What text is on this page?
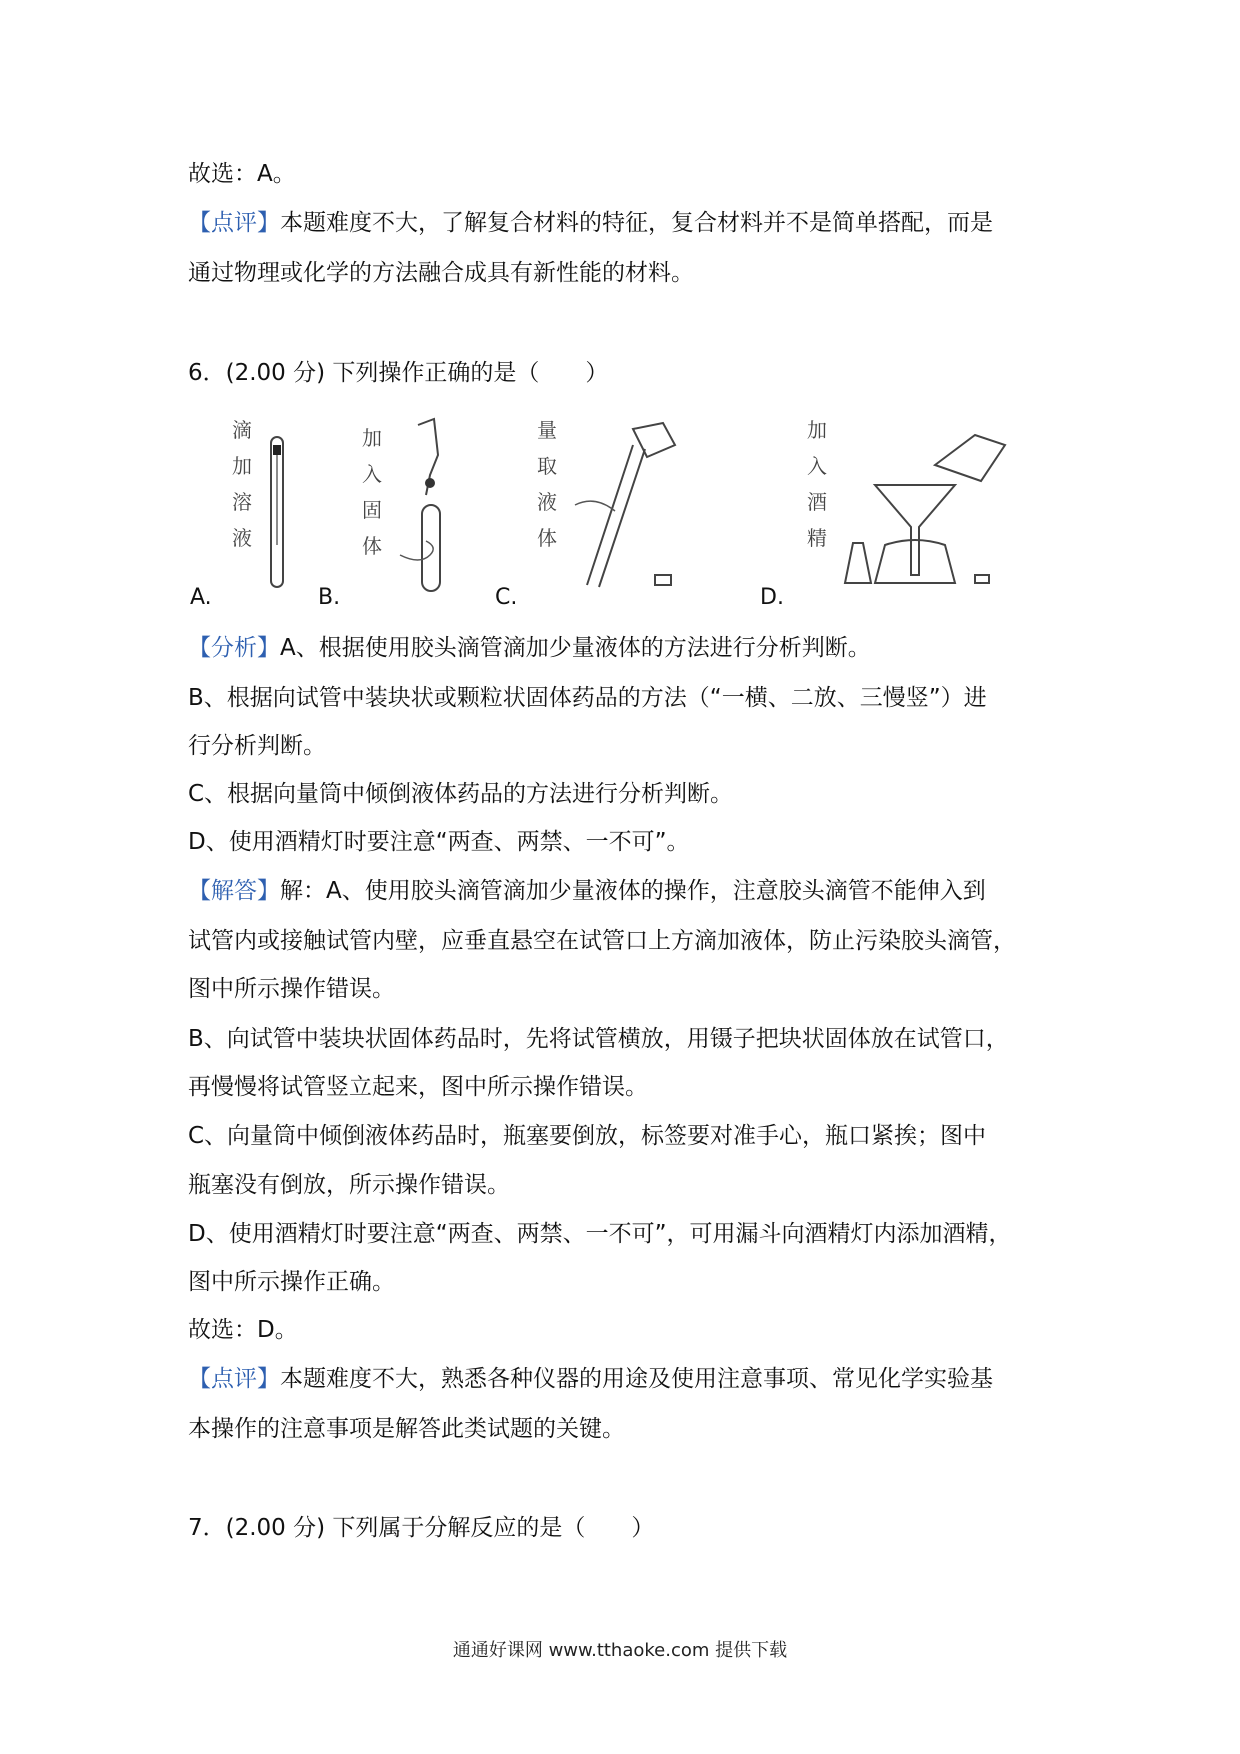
故选：A。
【点评】本题难度不大，了解复合材料的特征，复合材料并不是简单搭配，而是
通过物理或化学的方法融合成具有新性能的材料。
6．(2.00 分) 下列操作正确的是（　　）
滴
加
溶
液
A.
加
入
固
体
B.
量
取
液
体
C.
加
入
酒
精
D.
【分析】A、根据使用胶头滴管滴加少量液体的方法进行分析判断。
B、根据向试管中装块状或颗粒状固体药品的方法（“一横、二放、三慢竖”）进
行分析判断。
C、根据向量筒中倾倒液体药品的方法进行分析判断。
D、使用酒精灯时要注意“两查、两禁、一不可”。
【解答】解：A、使用胶头滴管滴加少量液体的操作，注意胶头滴管不能伸入到
试管内或接触试管内壁，应垂直悬空在试管口上方滴加液体，防止污染胶头滴管，
图中所示操作错误。
B、向试管中装块状固体药品时，先将试管横放，用镊子把块状固体放在试管口，
再慢慢将试管竖立起来，图中所示操作错误。
C、向量筒中倾倒液体药品时，瓶塞要倒放，标签要对准手心，瓶口紧挨；图中
瓶塞没有倒放，所示操作错误。
D、使用酒精灯时要注意“两查、两禁、一不可”，可用漏斗向酒精灯内添加酒精，
图中所示操作正确。
故选：D。
【点评】本题难度不大，熟悉各种仪器的用途及使用注意事项、常见化学实验基
本操作的注意事项是解答此类试题的关键。
7．(2.00 分) 下列属于分解反应的是（　　）
通通好课网 www.tthaoke.com 提供下载
